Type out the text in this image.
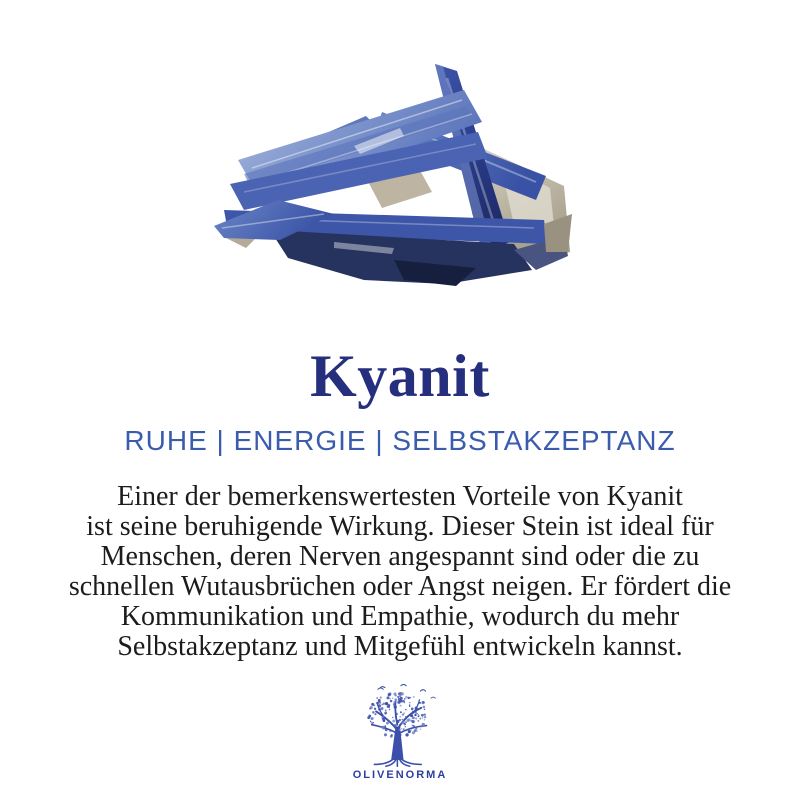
Kyanit
RUHE | ENERGIE | SELBSTAKZEPTANZ
Einer der bemerkenswertesten Vorteile von Kyanit
ist seine beruhigende Wirkung. Dieser Stein ist ideal für
Menschen, deren Nerven angespannt sind oder die zu
schnellen Wutausbrüchen oder Angst neigen. Er fördert die
Kommunikation und Empathie, wodurch du mehr
Selbstakzeptanz und Mitgefühl entwickeln kannst.
OLIVENORMA
